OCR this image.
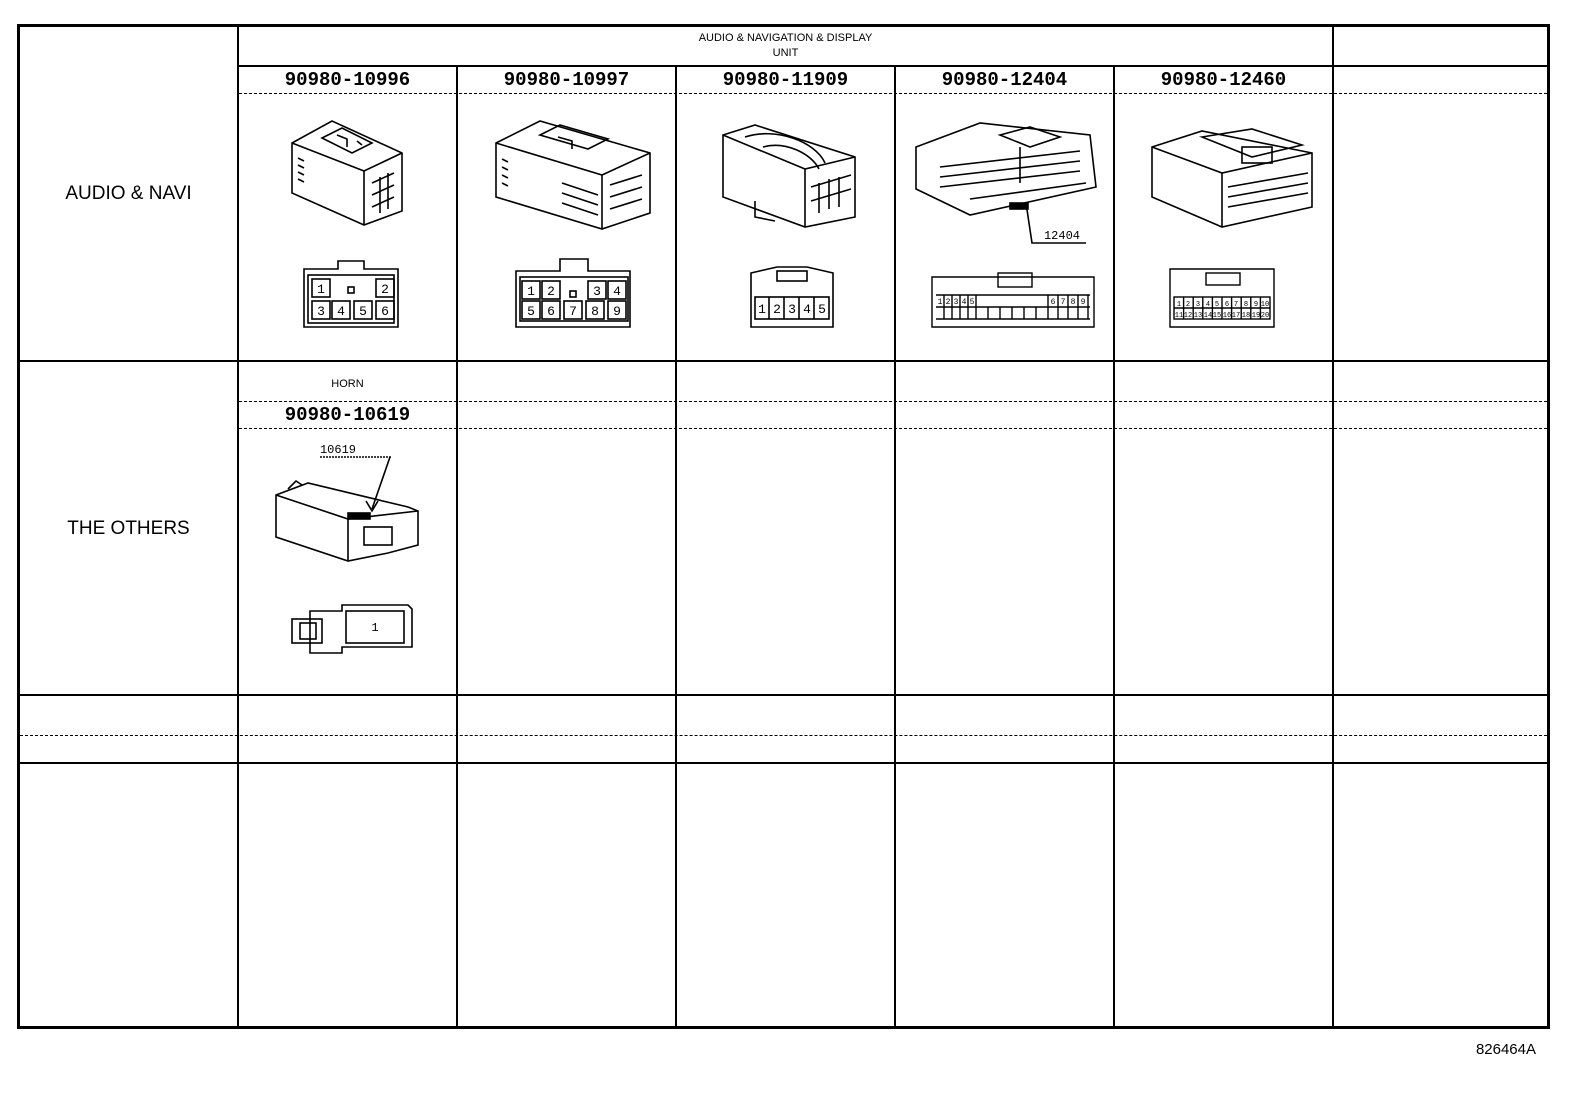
AUDIO & NAVIGATION & DISPLAY
UNIT
90980-10996	90980-10997	90980-11909	90980-12404	90980-12460
AUDIO & NAVI
THE OTHERS
HORN
90980-10619
1	2
3 4 5 6
1 2	3 4
5 6 7 8 9	1 2 3 4 5
12404
1 2 3 4 5	6 7 8 9	1 2 3 4 5 6 7 8 9 10
11 12 13 14 15 16 17 18 19 20
10619
1
826464A
